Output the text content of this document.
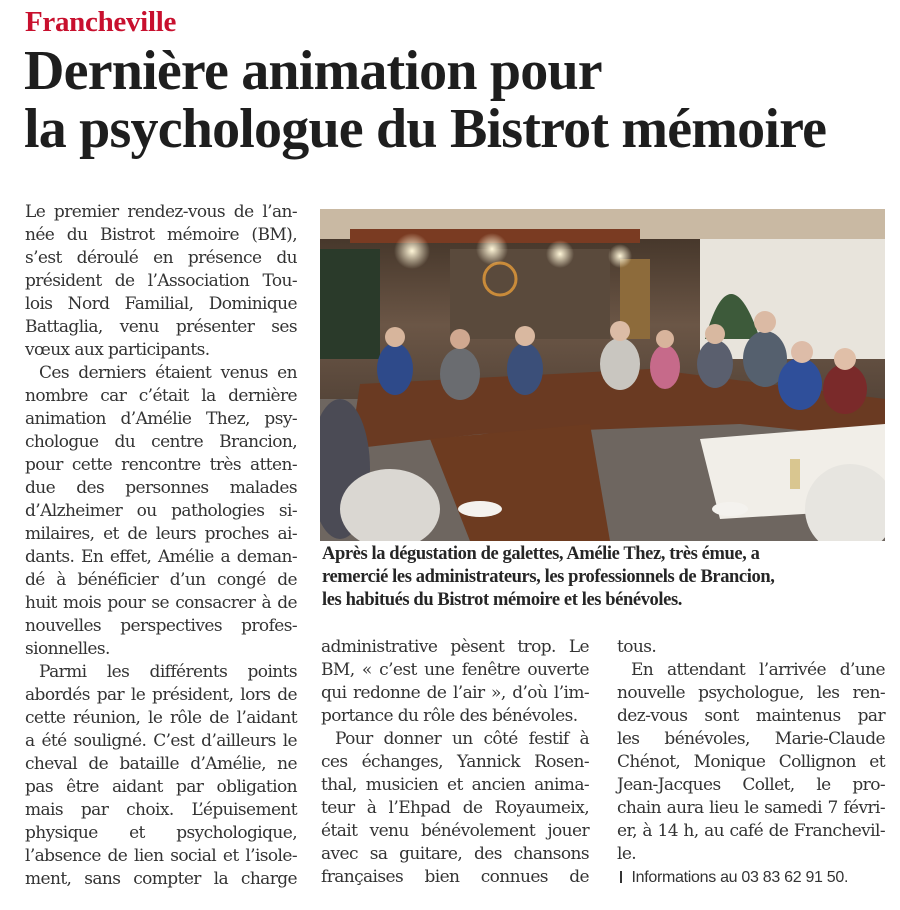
Francheville
Dernière animation pour
la psychologue du Bistrot mémoire
Le premier rendez-vous de l’an-
née du Bistrot mémoire (BM),
s’est déroulé en présence du
président de l’Association Tou-
lois Nord Familial, Dominique
Battaglia, venu présenter ses
vœux aux participants.
Ces derniers étaient venus en
nombre car c’était la dernière
animation d’Amélie Thez, psy-
chologue du centre Brancion,
pour cette rencontre très atten-
due des personnes malades
d’Alzheimer ou pathologies si-
milaires, et de leurs proches ai-
dants. En effet, Amélie a deman-
dé à bénéficier d’un congé de
huit mois pour se consacrer à de
nouvelles perspectives profes-
sionnelles.
Parmi les différents points
abordés par le président, lors de
cette réunion, le rôle de l’aidant
a été souligné. C’est d’ailleurs le
cheval de bataille d’Amélie, ne
pas être aidant par obligation
mais par choix. L’épuisement
physique et psychologique,
l’absence de lien social et l’isole-
ment, sans compter la charge
Après la dégustation de galettes, Amélie Thez, très émue, a
remercié les administrateurs, les professionnels de Brancion,
les habitués du Bistrot mémoire et les bénévoles.
administrative pèsent trop. Le
BM, « c’est une fenêtre ouverte
qui redonne de l’air », d’où l’im-
portance du rôle des bénévoles.
Pour donner un côté festif à
ces échanges, Yannick Rosen-
thal, musicien et ancien anima-
teur à l’Ehpad de Royaumeix,
était venu bénévolement jouer
avec sa guitare, des chansons
françaises bien connues de
tous.
En attendant l’arrivée d’une
nouvelle psychologue, les ren-
dez-vous sont maintenus par
les bénévoles, Marie-Claude
Chénot, Monique Collignon et
Jean-Jacques Collet, le pro-
chain aura lieu le samedi 7 févri-
er, à 14 h, au café de Franchevil-
le.
Informations au 03 83 62 91 50.
